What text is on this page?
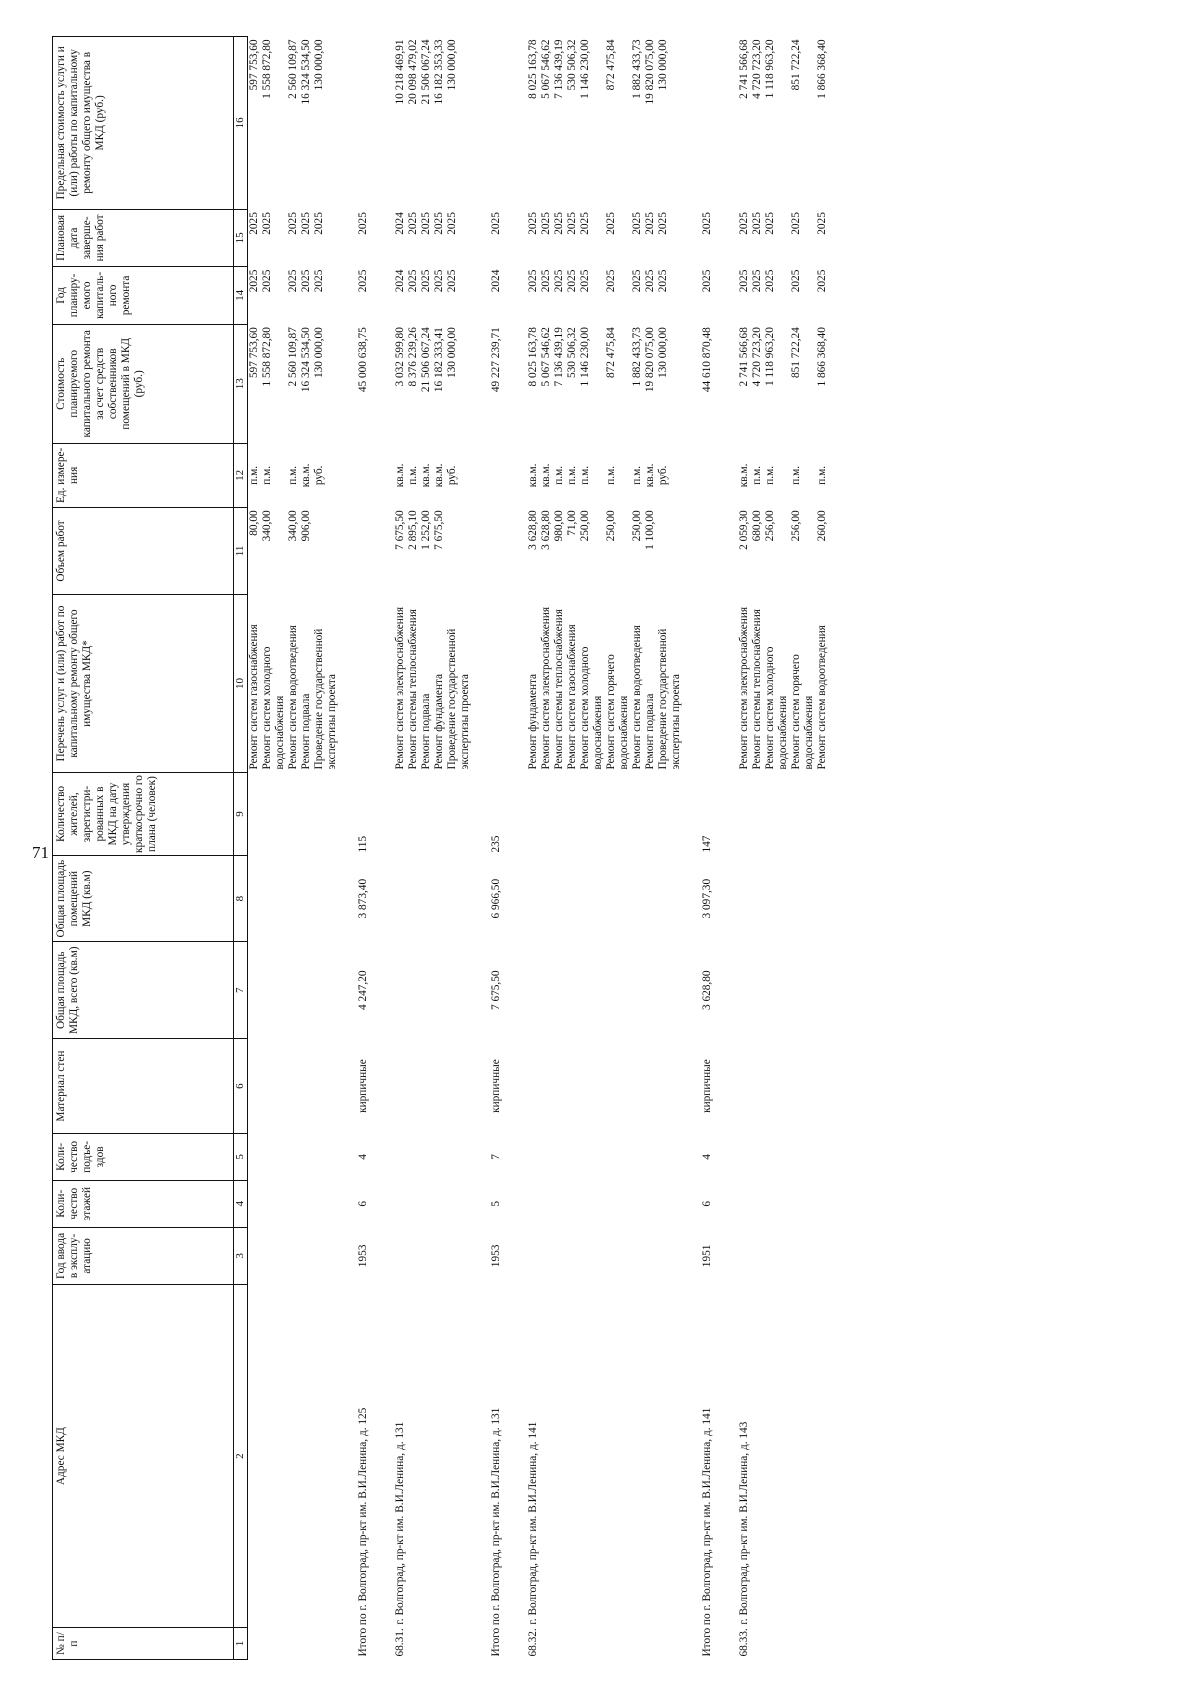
71
№ п/п	Адрес МКД	Год ввода в эксплу-атацию	Коли-чество этажей	Коли-чество подъе-здов	Материал стен	Общая площадь МКД, всего (кв.м)	Общая площадь помещений МКД (кв.м)	Количество жителей, зарегистри-рованных в МКД на дату утверждения краткосрочно го плана (человек)	Перечень услуг и (или) работ по капитальному ремонту общего имущества МКД*	Объем работ	Ед. измере-ния	Стоимость планируемого капитального ремонта за счет средств собственников помещений в МКД (руб.)	Год планиру-емого капиталь-ного ремонта	Плановая дата заверше-ния работ	Предельная стоимость услуги и (или) работы по капитальному ремонту общего имущества в МКД (руб.)
1	2	3	4	5	6	7	8	9	10	11	12	13	14	15	16
									Ремонт систем газоснабжения	80,00	п.м.	597 753,60	2025	2025	597 753,60
									Ремонт систем холодного водоснабжения	340,00	п.м.	1 558 872,80	2025	2025	1 558 872,80
									Ремонт систем водоотведения	340,00	п.м.	2 560 109,87	2025	2025	2 560 109,87
									Ремонт подвала	906,00	кв.м.	16 324 534,50	2025	2025	16 324 534,50
									Проведение государственной экспертизы проекта		руб.	130 000,00	2025	2025	130 000,00
Итого по г. Волгоград, пр-кт им. В.И.Ленина, д. 125		1953	6	4	кирпичные	4 247,20	3 873,40	115				45 000 638,75	2025	2025	
68.31.	г. Волгоград, пр-кт им. В.И.Ленина, д. 131								Ремонт систем электроснабжения	7 675,50	кв.м.	3 032 599,80	2024	2024	10 218 469,91
									Ремонт системы теплоснабжения	2 895,10	п.м.	8 376 239,26	2025	2025	20 098 479,02
									Ремонт подвала	1 252,00	кв.м.	21 506 067,24	2025	2025	21 506 067,24
									Ремонт фундамента	7 675,50	кв.м.	16 182 333,41	2025	2025	16 182 353,33
									Проведение государственной экспертизы проекта		руб.	130 000,00	2025	2025	130 000,00
Итого по г. Волгоград, пр-кт им. В.И.Ленина, д. 131		1953	5	7	кирпичные	7 675,50	6 966,50	235				49 227 239,71	2024	2025	
68.32.	г. Волгоград, пр-кт им. В.И.Ленина, д. 141								Ремонт фундамента	3 628,80	кв.м.	8 025 163,78	2025	2025	8 025 163,78
									Ремонт систем электроснабжения	3 628,80	кв.м.	5 067 546,62	2025	2025	5 067 546,62
									Ремонт системы теплоснабжения	980,00	п.м.	7 136 439,19	2025	2025	7 136 439,19
									Ремонт систем газоснабжения	71,00	п.м.	530 506,32	2025	2025	530 506,32
									Ремонт систем холодного водоснабжения	250,00	п.м.	1 146 230,00	2025	2025	1 146 230,00
									Ремонт систем горячего водоснабжения	250,00	п.м.	872 475,84	2025	2025	872 475,84
									Ремонт систем водоотведения	250,00	п.м.	1 882 433,73	2025	2025	1 882 433,73
									Ремонт подвала	1 100,00	кв.м.	19 820 075,00	2025	2025	19 820 075,00
									Проведение государственной экспертизы проекта		руб.	130 000,00	2025	2025	130 000,00
Итого по г. Волгоград, пр-кт им. В.И.Ленина, д. 141		1951	6	4	кирпичные	3 628,80	3 097,30	147				44 610 870,48	2025	2025	
68.33.	г. Волгоград, пр-кт им. В.И.Ленина, д. 143								Ремонт систем электроснабжения	2 059,30	кв.м.	2 741 566,68	2025	2025	2 741 566,68
									Ремонт системы теплоснабжения	680,00	п.м.	4 720 723,20	2025	2025	4 720 723,20
									Ремонт систем холодного водоснабжения	256,00	п.м.	1 118 963,20	2025	2025	1 118 963,20
									Ремонт систем горячего водоснабжения	256,00	п.м.	851 722,24	2025	2025	851 722,24
									Ремонт систем водоотведения	260,00	п.м.	1 866 368,40	2025	2025	1 866 368,40
